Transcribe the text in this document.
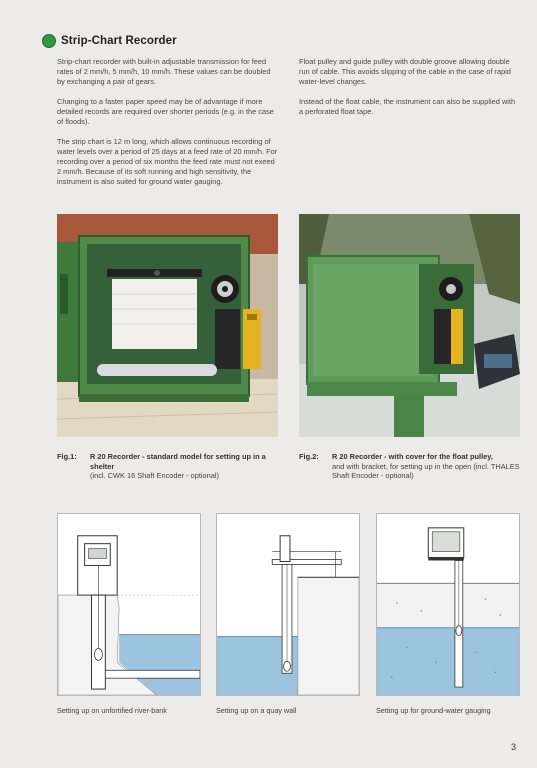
Strip-Chart Recorder

Strip-chart recorder with built-in adjustable transmission for feed rates of 2 mm/h, 5 mm/h, 10 mm/h. These values can be doubled by exchanging a pair of gears.

Changing to a faster paper speed may be of advantage if more detailed records are required over shorter periods (e.g. in the case of floods).

The strip chart is 12 m long, which allows continuous recording of water levels over a period of 25 days at a feed rate of 20 mm/h. For recording over a period of six months the feed rate must not exeed 2 mm/h. Because of its soft running and high sensitivity, the instrument is also suited for ground water gauging.

Float pulley and guide pulley with double groove allowing double run of cable. This avoids slipping of the cable in the case of rapid water-level changes.

Instead of the float cable, the instrument can also be supplied with a perforated float tape.

Fig.1: R 20 Recorder - standard model for setting up in a shelter
(incl. CWK 16 Shaft Encoder - optional)
Fig.2: R 20 Recorder - with cover for the float pulley,
and with bracket, for setting up in the open (incl. THALES Shaft Encoder - optional)
Setting up on unfortified river-bank	Setting up on a quay wall	Setting up for ground-water gauging
3
